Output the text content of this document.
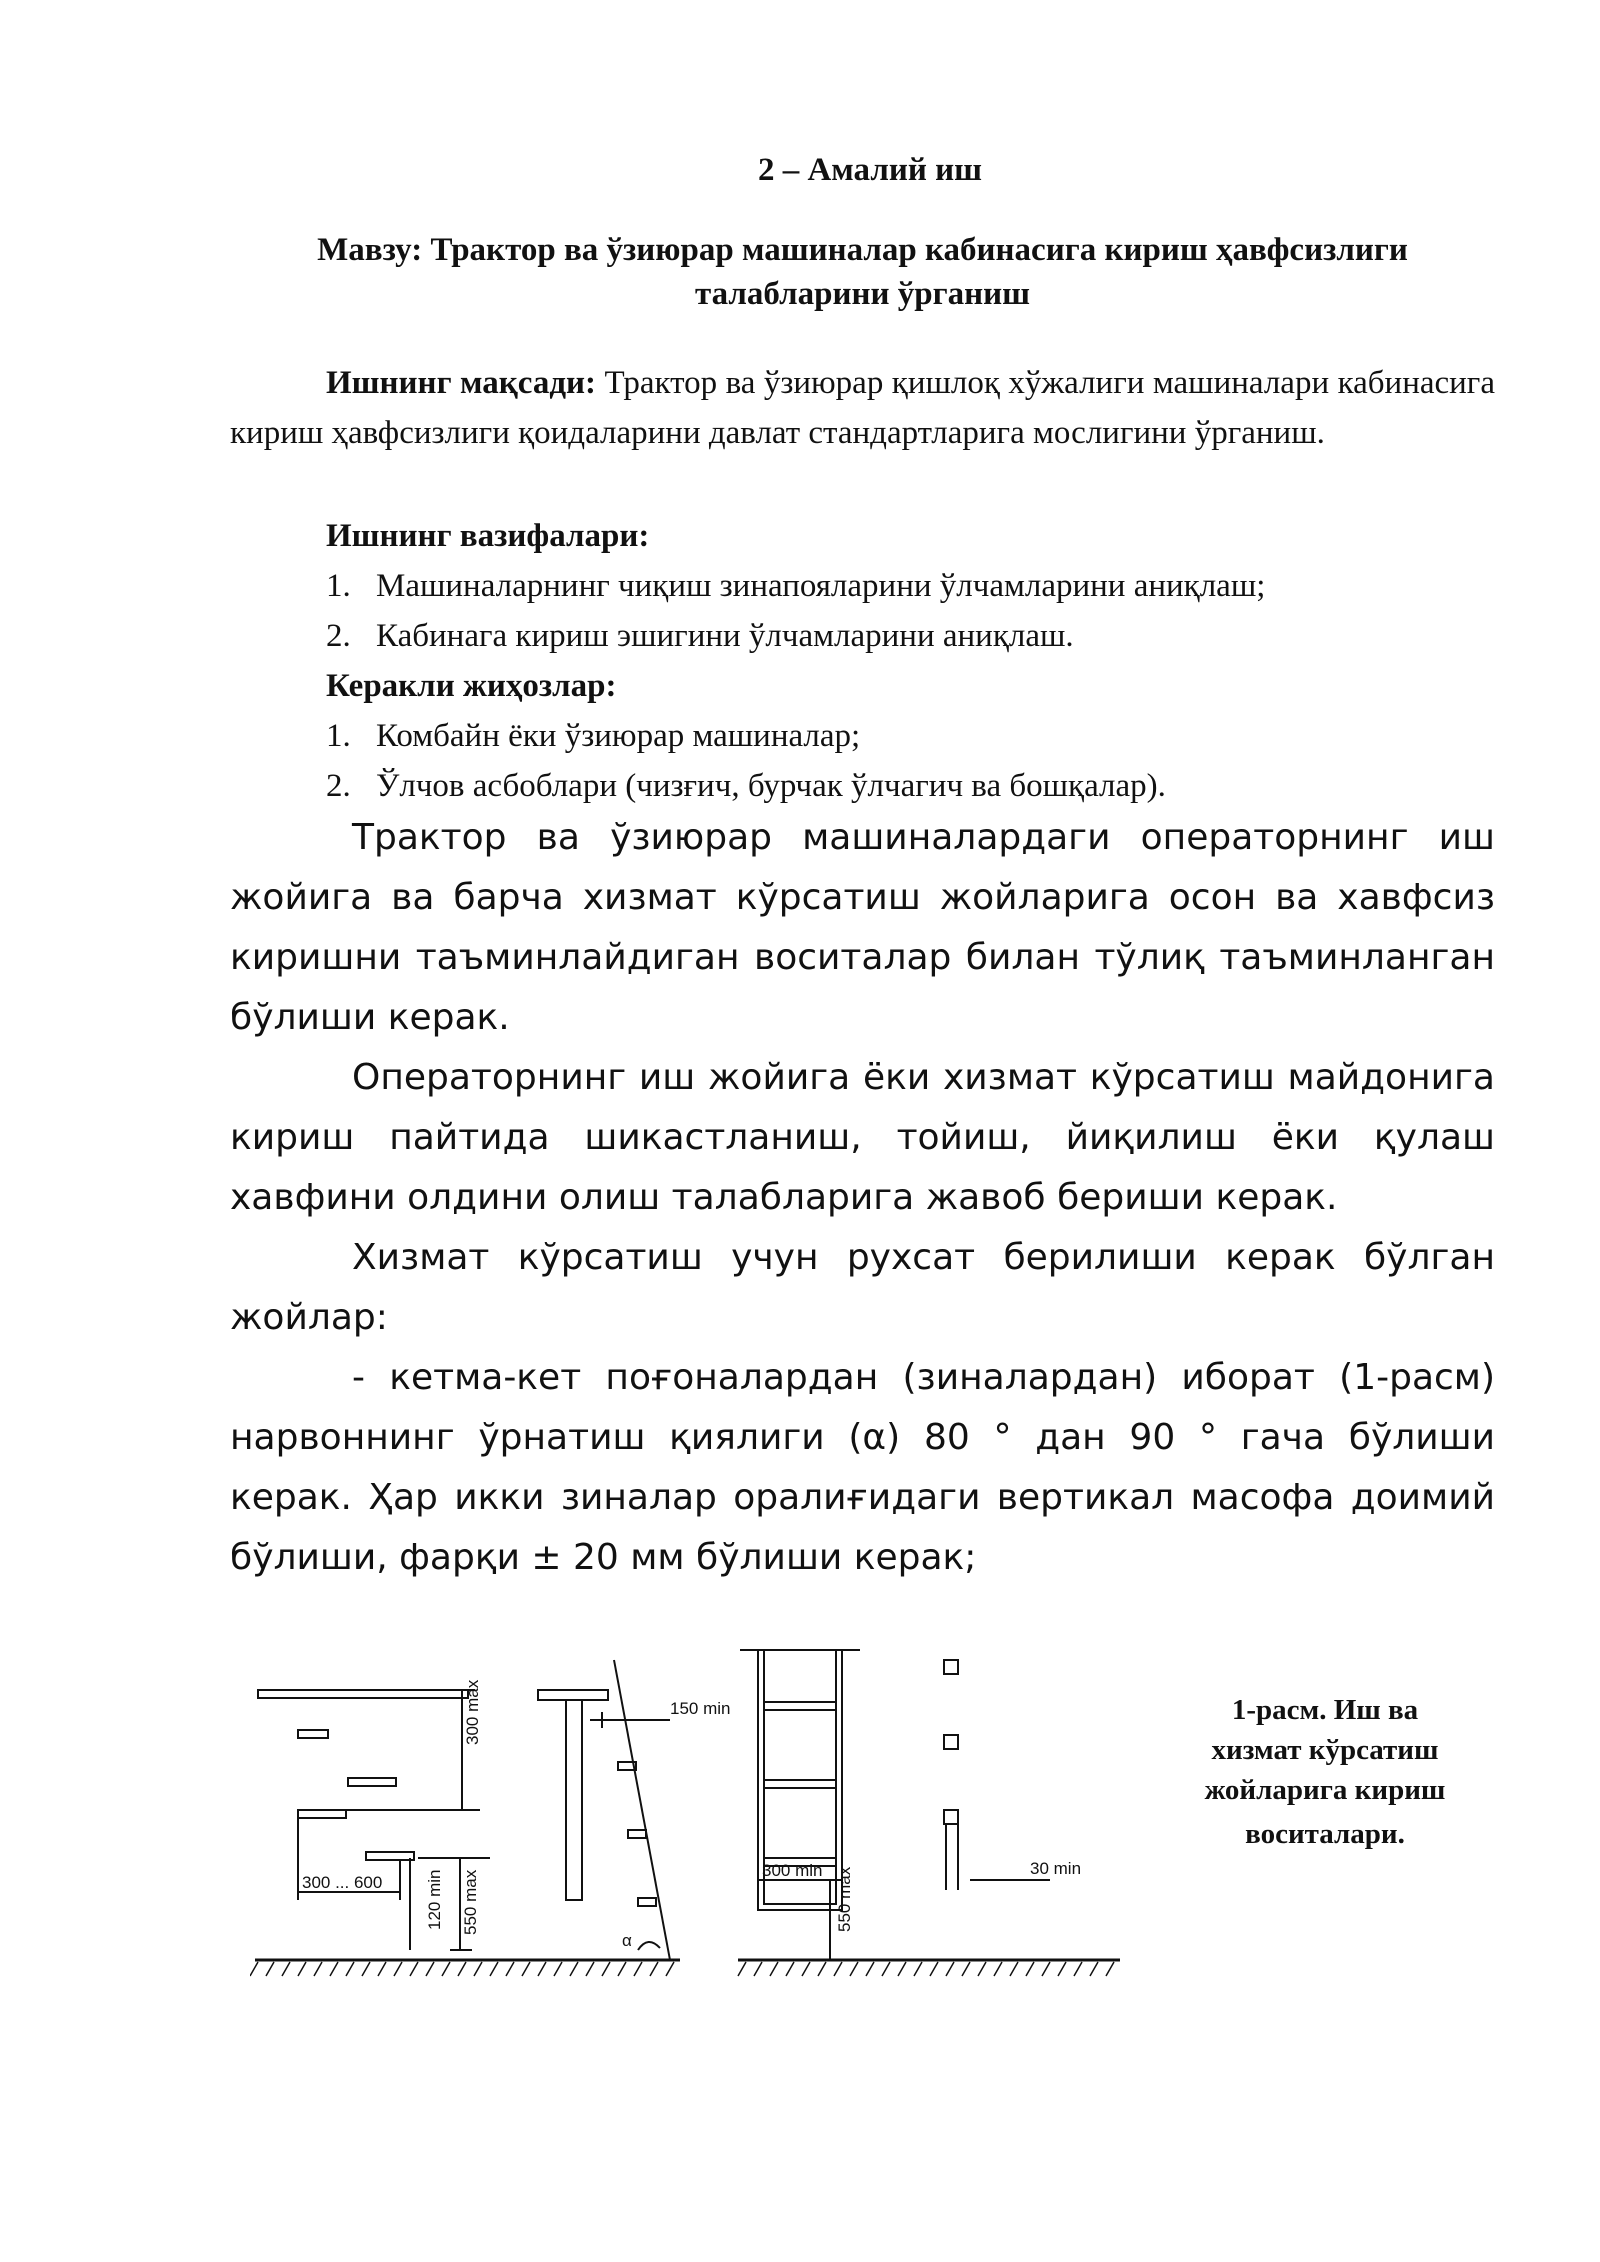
2 – Амалий иш
Мавзу: Трактор ва ўзиюрар машиналар кабинасига кириш ҳавфсизлиги
талабларини ўрганиш
Ишнинг мақсади: Трактор ва ўзиюрар қишлоқ хўжалиги машиналари кабинасига кириш ҳавфсизлиги қоидаларини давлат стандартларига мослигини ўрганиш.
Ишнинг вазифалари:
1. Машиналарнинг чиқиш зинапояларини ўлчамларини аниқлаш;
2. Кабинага кириш эшигини ўлчамларини аниқлаш.
Керакли жиҳозлар:
1. Комбайн ёки ўзиюрар машиналар;
2. Ўлчов асбоблари (чизғич, бурчак ўлчагич ва бошқалар).

Трактор ва ўзиюрар машиналардаги операторнинг иш жойига ва барча хизмат кўрсатиш жойларига осон ва хавфсиз киришни таъминлайдиган воситалар билан тўлиқ таъминланган бўлиши керак.

Операторнинг иш жойига ёки хизмат кўрсатиш майдонига кириш пайтида шикастланиш, тойиш, йиқилиш ёки қулаш хавфини олдини олиш талабларига жавоб бериши керак.

Хизмат кўрсатиш учун рухсат берилиши керак бўлган жойлар:

- кетма-кет поғоналардан (зиналардан) иборат (1-расм) нарвоннинг ўрнатиш қиялиги (α) 80 ° дан 90 ° гача бўлиши керак. Ҳар икки зиналар оралиғидаги вертикал масофа доимий бўлиши, фарқи ± 20 мм бўлиши керак;

300 max
300 ... 600	120 min 550 max
150 min
α
300 min 550 max	30 min
1-расм. Иш ва
хизмат кўрсатиш
жойларига кириш
воситалари.
